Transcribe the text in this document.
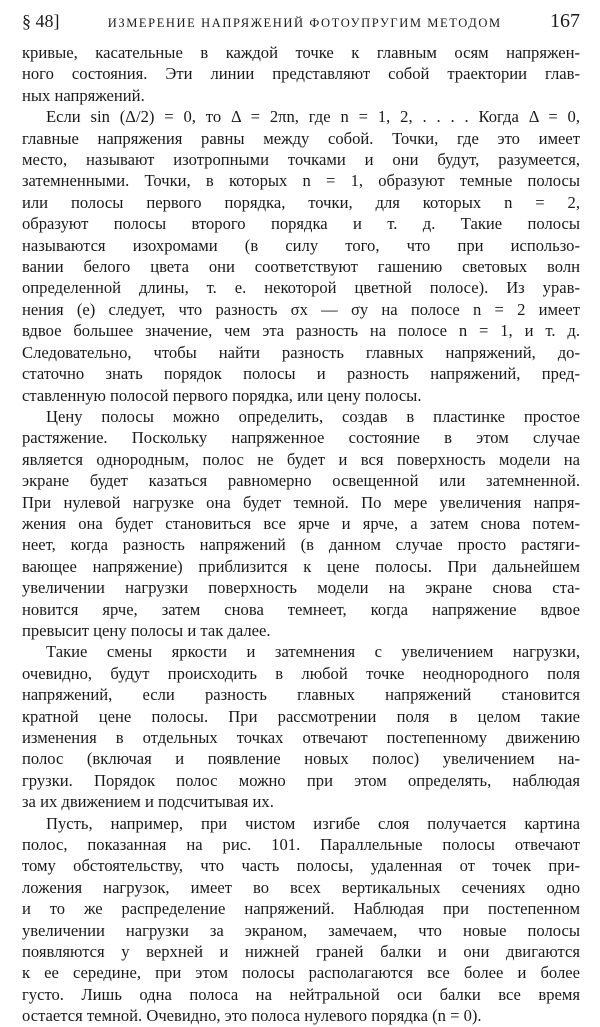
§ 48]	ИЗМЕРЕНИЕ НАПРЯЖЕНИЙ ФОТОУПРУГИМ МЕТОДОМ 167
кривые, касательные в каждой точке к главным осям напряжен-
ного состояния. Эти линии представляют собой траектории глав-
ных напряжений.
Если sin (Δ/2) = 0, то Δ = 2πn, где n = 1, 2, . . . . Когда Δ = 0,
главные напряжения равны между собой. Точки, где это имеет
место, называют изотропными точками и они будут, разумеется,
затемненными. Точки, в которых n = 1, образуют темные полосы
или полосы первого порядка, точки, для которых n = 2,
образуют полосы второго порядка и т. д. Такие полосы
называются изохромами (в силу того, что при использо-
вании белого цвета они соответствуют гашению световых волн
определенной длины, т. е. некоторой цветной полосе). Из урав-
нения (е) следует, что разность σx — σy на полосе n = 2 имеет
вдвое большее значение, чем эта разность на полосе n = 1, и т. д.
Следовательно, чтобы найти разность главных напряжений, до-
статочно знать порядок полосы и разность напряжений, пред-
ставленную полосой первого порядка, или цену полосы.
Цену полосы можно определить, создав в пластинке простое
растяжение. Поскольку напряженное состояние в этом случае
является однородным, полос не будет и вся поверхность модели на
экране будет казаться равномерно освещенной или затемненной.
При нулевой нагрузке она будет темной. По мере увеличения напря-
жения она будет становиться все ярче и ярче, а затем снова потем-
неет, когда разность напряжений (в данном случае просто растяги-
вающее напряжение) приблизится к цене полосы. При дальнейшем
увеличении нагрузки поверхность модели на экране снова ста-
новится ярче, затем снова темнеет, когда напряжение вдвое
превысит цену полосы и так далее.
Такие смены яркости и затемнения с увеличением нагрузки,
очевидно, будут происходить в любой точке неоднородного поля
напряжений, если разность главных напряжений становится
кратной цене полосы. При рассмотрении поля в целом такие
изменения в отдельных точках отвечают постепенному движению
полос (включая и появление новых полос) увеличением на-
грузки. Порядок полос можно при этом определять, наблюдая
за их движением и подсчитывая их.
Пусть, например, при чистом изгибе слоя получается картина
полос, показанная на рис. 101. Параллельные полосы отвечают
тому обстоятельству, что часть полосы, удаленная от точек при-
ложения нагрузок, имеет во всех вертикальных сечениях одно
и то же распределение напряжений. Наблюдая при постепенном
увеличении нагрузки за экраном, замечаем, что новые полосы
появляются у верхней и нижней граней балки и они двигаются
к ее середине, при этом полосы располагаются все более и более
густо. Лишь одна полоса на нейтральной оси балки все время
остается темной. Очевидно, это полоса нулевого порядка (n = 0).
